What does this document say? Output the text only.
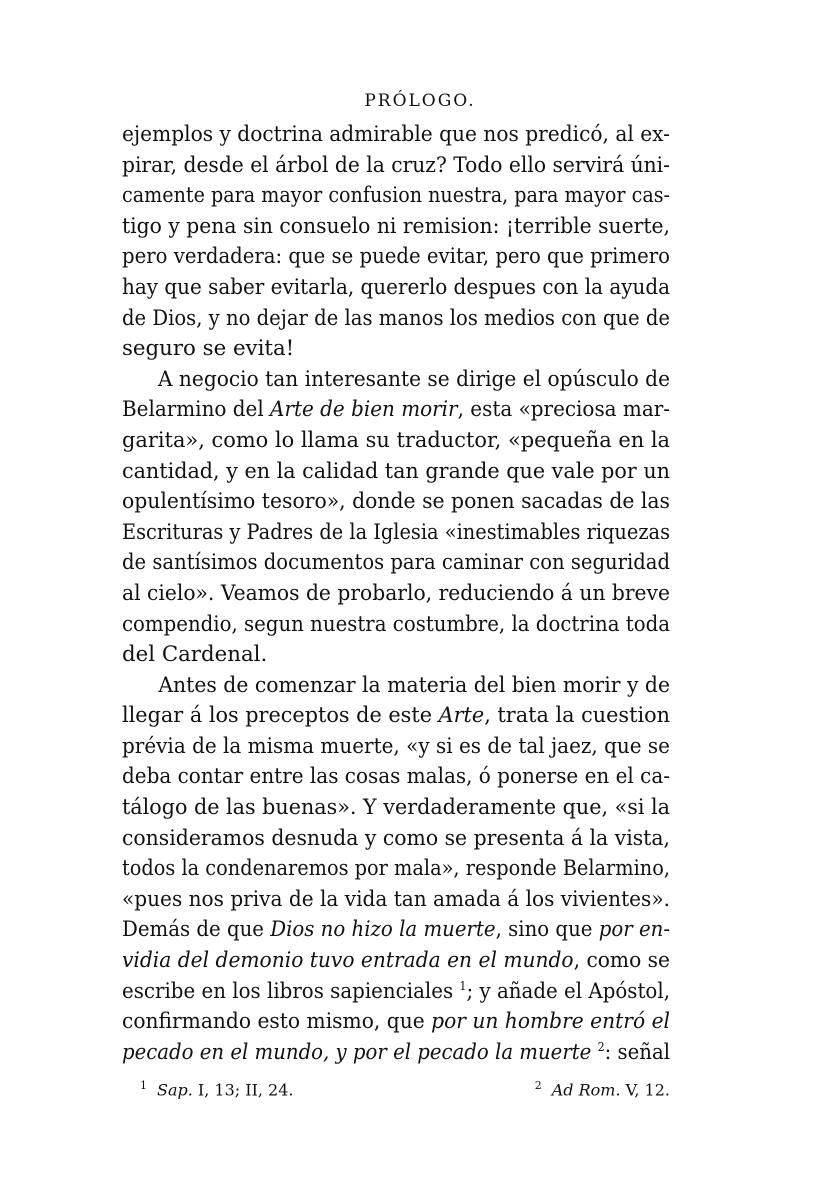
PRÓLOGO.
ejemplos y doctrina admirable que nos predicó, al ex-
pirar, desde el árbol de la cruz? Todo ello servirá úni-
camente para mayor confusion nuestra, para mayor cas-
tigo y pena sin consuelo ni remision: ¡terrible suerte,
pero verdadera: que se puede evitar, pero que primero
hay que saber evitarla, quererlo despues con la ayuda
de Dios, y no dejar de las manos los medios con que de
seguro se evita!
A negocio tan interesante se dirige el opúsculo de
Belarmino del Arte de bien morir, esta «preciosa mar-
garita», como lo llama su traductor, «pequeña en la
cantidad, y en la calidad tan grande que vale por un
opulentísimo tesoro», donde se ponen sacadas de las
Escrituras y Padres de la Iglesia «inestimables riquezas
de santísimos documentos para caminar con seguridad
al cielo». Veamos de probarlo, reduciendo á un breve
compendio, segun nuestra costumbre, la doctrina toda
del Cardenal.
Antes de comenzar la materia del bien morir y de
llegar á los preceptos de este Arte, trata la cuestion
prévia de la misma muerte, «y si es de tal jaez, que se
deba contar entre las cosas malas, ó ponerse en el ca-
tálogo de las buenas». Y verdaderamente que, «si la
consideramos desnuda y como se presenta á la vista,
todos la condenaremos por mala», responde Belarmino,
«pues nos priva de la vida tan amada á los vivientes».
Demás de que Dios no hizo la muerte, sino que por en-
vidia del demonio tuvo entrada en el mundo, como se
escribe en los libros sapienciales $^1$; y añade el Apóstol,
confirmando esto mismo, que por un hombre entró el
pecado en el mundo, y por el pecado la muerte $^2$: señal
$^1$ Sap. I, 13; II, 24.	$^2$ Ad Rom. V, 12.
